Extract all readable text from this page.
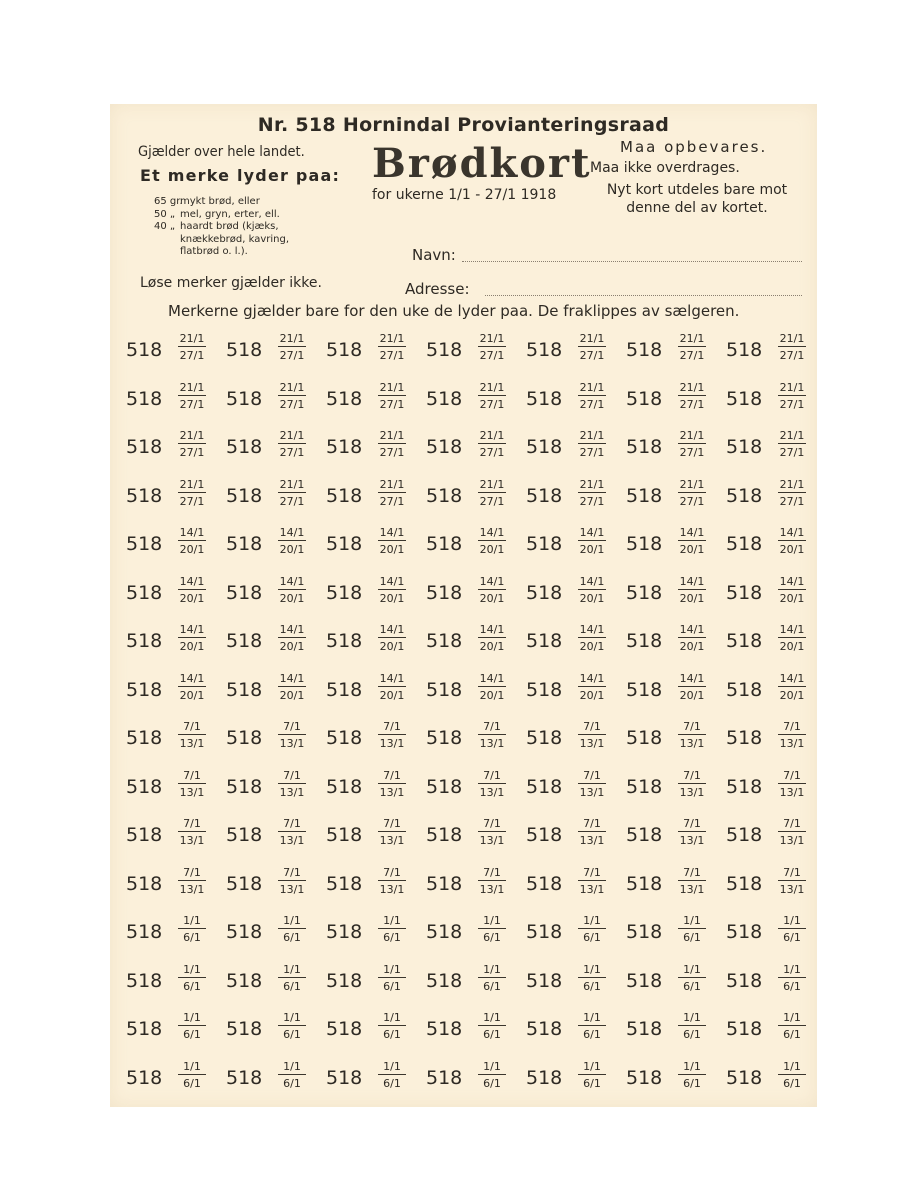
Nr. 518 Hornindal Provianteringsraad
Gjælder over hele landet.
Et merke lyder paa:
65 gr.
mykt brød, eller
50 „ mel, gryn, erter, ell.
40 „ haardt brød (kjæks,
knækkebrød, kavring,
flatbrød o. l.).
Løse merker gjælder ikke.
Brødkort
for ukerne 1/1 - 27/1 1918
Maa opbevares.
Maa ikke overdrages.
Nyt kort utdeles bare mot denne del av kortet.
Navn:
Adresse:
Merkerne gjælder bare for den uke de lyder paa. De fraklippes av sælgeren.
518
21/1
27/1 518
21/1
27/1 518
21/1
27/1 518
21/1
27/1 518
21/1
27/1 518
21/1
27/1 518
21/1
27/1
518
21/1
27/1 518
21/1
27/1 518
21/1
27/1 518
21/1
27/1 518
21/1
27/1 518
21/1
27/1 518
21/1
27/1
518
21/1
27/1 518
21/1
27/1 518
21/1
27/1 518
21/1
27/1 518
21/1
27/1 518
21/1
27/1 518
21/1
27/1
518
21/1
27/1 518
21/1
27/1 518
21/1
27/1 518
21/1
27/1 518
21/1
27/1 518
21/1
27/1 518
21/1
27/1
518
14/1
20/1 518
14/1
20/1 518
14/1
20/1 518
14/1
20/1 518
14/1
20/1 518
14/1
20/1 518
14/1
20/1
518
14/1
20/1 518
14/1
20/1 518
14/1
20/1 518
14/1
20/1 518
14/1
20/1 518
14/1
20/1 518
14/1
20/1
518
14/1
20/1 518
14/1
20/1 518
14/1
20/1 518
14/1
20/1 518
14/1
20/1 518
14/1
20/1 518
14/1
20/1
518
14/1
20/1 518
14/1
20/1 518
14/1
20/1 518
14/1
20/1 518
14/1
20/1 518
14/1
20/1 518
14/1
20/1
518
7/1
13/1 518
7/1
13/1 518
7/1
13/1 518
7/1
13/1 518
7/1
13/1 518
7/1
13/1 518
7/1
13/1
518
7/1
13/1 518
7/1
13/1 518
7/1
13/1 518
7/1
13/1 518
7/1
13/1 518
7/1
13/1 518
7/1
13/1
518
7/1
13/1 518
7/1
13/1 518
7/1
13/1 518
7/1
13/1 518
7/1
13/1 518
7/1
13/1 518
7/1
13/1
518
7/1
13/1 518
7/1
13/1 518
7/1
13/1 518
7/1
13/1 518
7/1
13/1 518
7/1
13/1 518
7/1
13/1
518
1/1
6/1 518
1/1
6/1 518
1/1
6/1 518
1/1
6/1 518
1/1
6/1 518
1/1
6/1 518
1/1
6/1
518
1/1
6/1 518
1/1
6/1 518
1/1
6/1 518
1/1
6/1 518
1/1
6/1 518
1/1
6/1 518
1/1
6/1
518
1/1
6/1 518
1/1
6/1 518
1/1
6/1 518
1/1
6/1 518
1/1
6/1 518
1/1
6/1 518
1/1
6/1
518
1/1
6/1 518
1/1
6/1 518
1/1
6/1 518
1/1
6/1 518
1/1
6/1 518
1/1
6/1 518
1/1
6/1
